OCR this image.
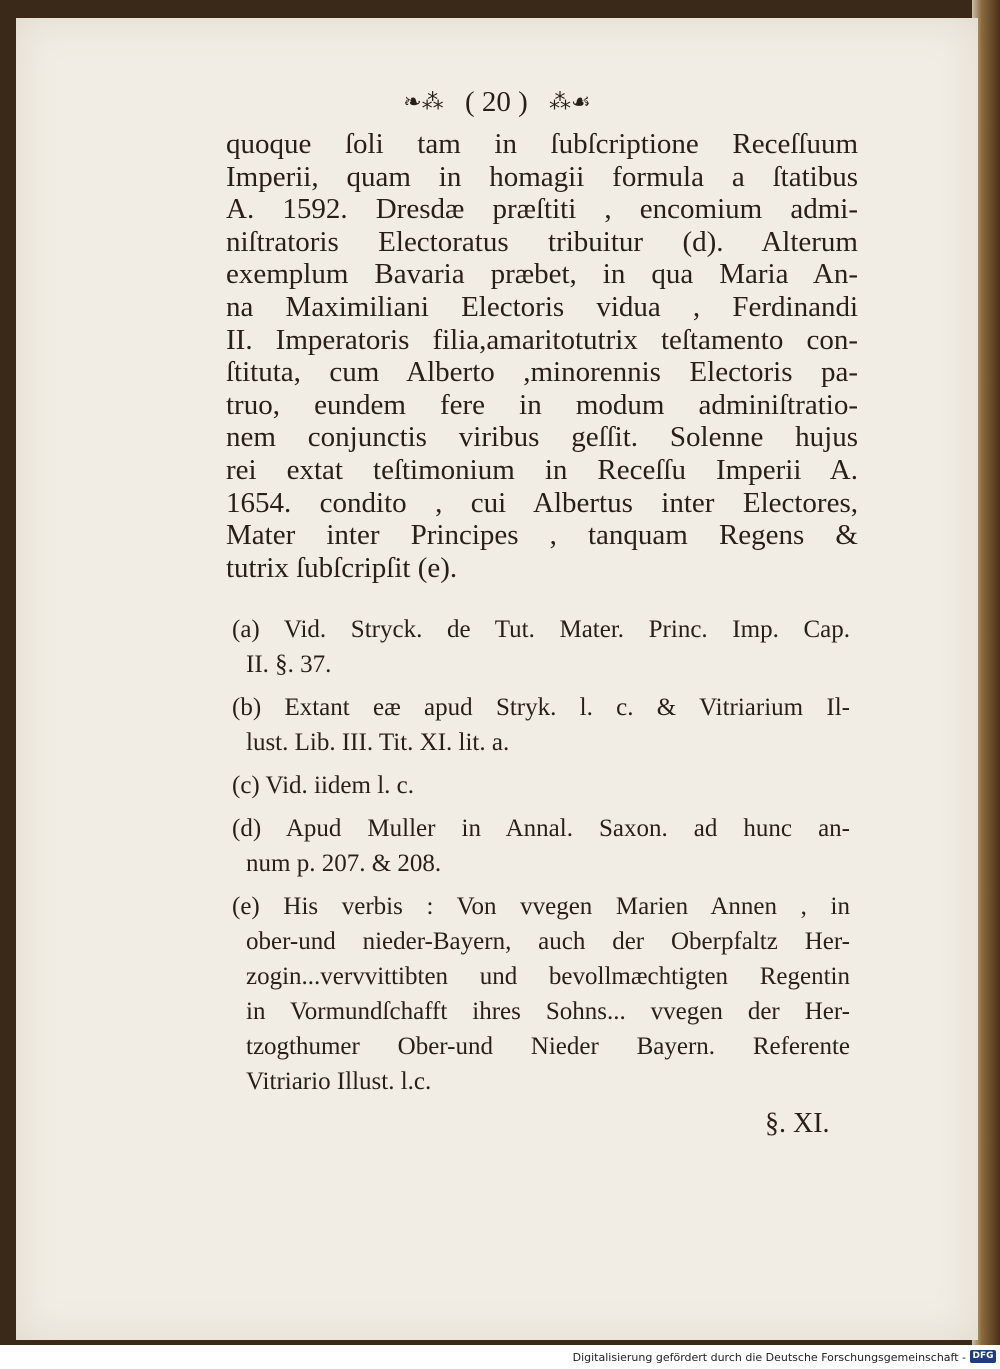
❧⁂ ( 20 ) ⁂☙
quoque ſoli tam in ſubſcriptione Receſſuum
Imperii, quam in homagii formula a ſtatibus
A. 1592. Dresdæ præſtiti , encomium admi-
niſtratoris Electoratus tribuitur (d). Alterum
exemplum Bavaria præbet, in qua Maria An-
na Maximiliani Electoris vidua , Ferdinandi
II. Imperatoris filia,amaritotutrix teſtamento con-
ſtituta, cum Alberto ,minorennis Electoris pa-
truo, eundem fere in modum adminiſtratio-
nem conjunctis viribus geſſit. Solenne hujus
rei extat teſtimonium in Receſſu Imperii A.
1654. condito , cui Albertus inter Electores,
Mater inter Principes , tanquam Regens &
tutrix ſubſcripſit (e).
(a) Vid. Stryck. de Tut. Mater. Princ. Imp. Cap.
II. §. 37.
(b) Extant eæ apud Stryk. l. c. & Vitriarium Il-
lust. Lib. III. Tit. XI. lit. a.
(c) Vid. iidem l. c.
(d) Apud Muller in Annal. Saxon. ad hunc an-
num p. 207. & 208.
(e) His verbis : Von vvegen Marien Annen , in
ober-und nieder-Bayern, auch der Oberpfaltz Her-
zogin...vervvittibten und bevollmæchtigten Regentin
in Vormundſchafft ihres Sohns... vvegen der Her-
tzogthumer Ober-und Nieder Bayern. Referente
Vitriario Illust. l.c.
§. XI.
Digitalisierung gefördert durch die Deutsche Forschungsgemeinschaft - DFG
